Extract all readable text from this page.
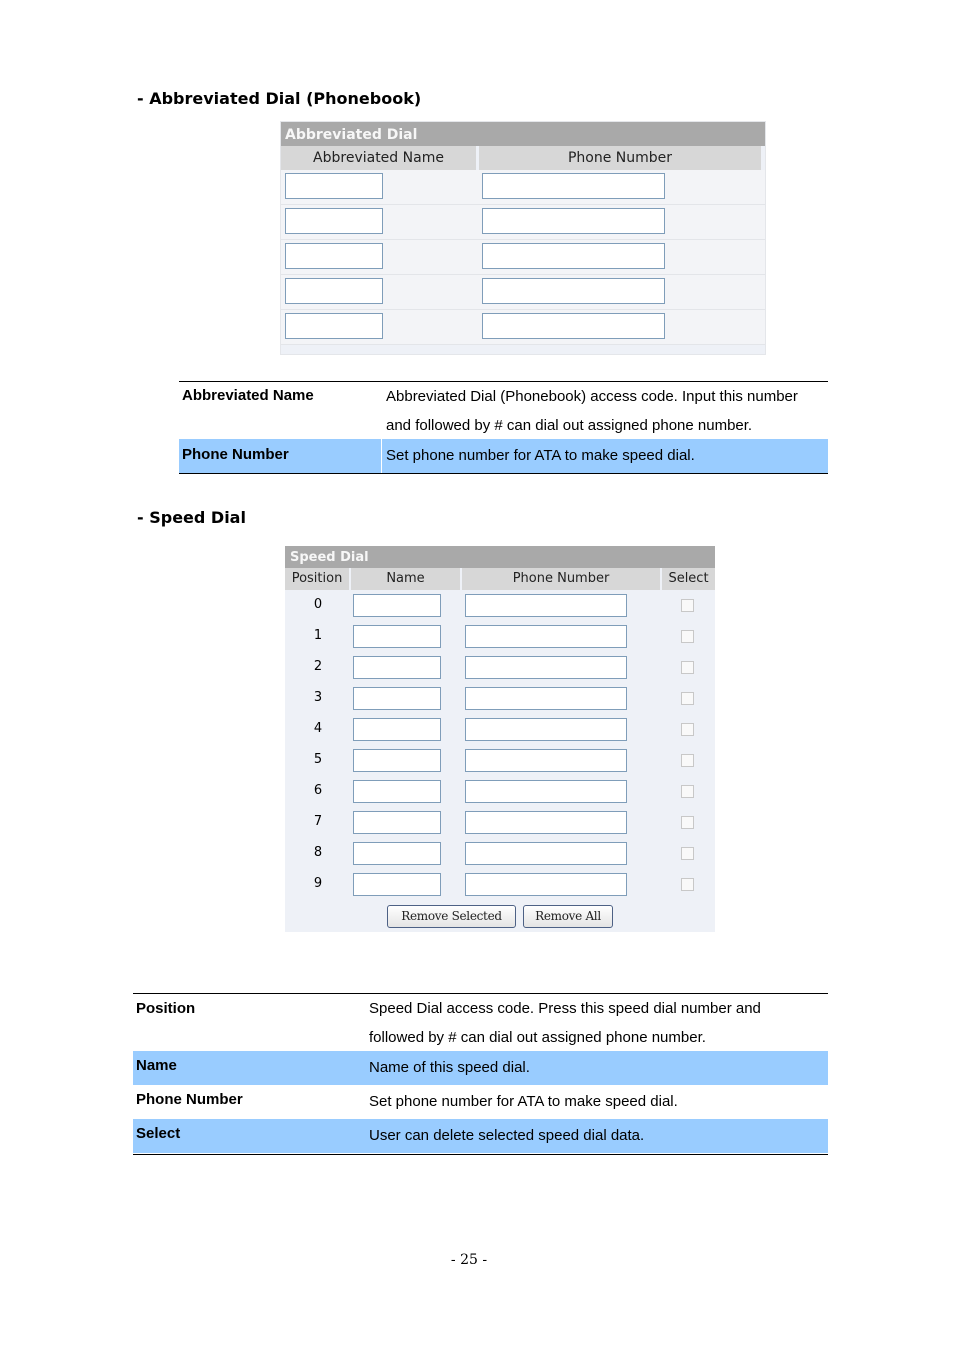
- Abbreviated Dial (Phonebook)
Abbreviated Dial
Abbreviated Name	Phone Number
Abbreviated Name	Abbreviated Dial (Phonebook) access code. Input this number
and followed by # can dial out assigned phone number.
Phone Number	Set phone number for ATA to make speed dial.
- Speed Dial
Speed Dial
Position	Name	Phone Number	Select
0
1
2
3
4
5
6
7
8
9
Remove Selected	Remove All
Position	Speed Dial access code. Press this speed dial number and
followed by # can dial out assigned phone number.
Name	Name of this speed dial.
Phone Number	Set phone number for ATA to make speed dial.
Select	User can delete selected speed dial data.
- 25 -
